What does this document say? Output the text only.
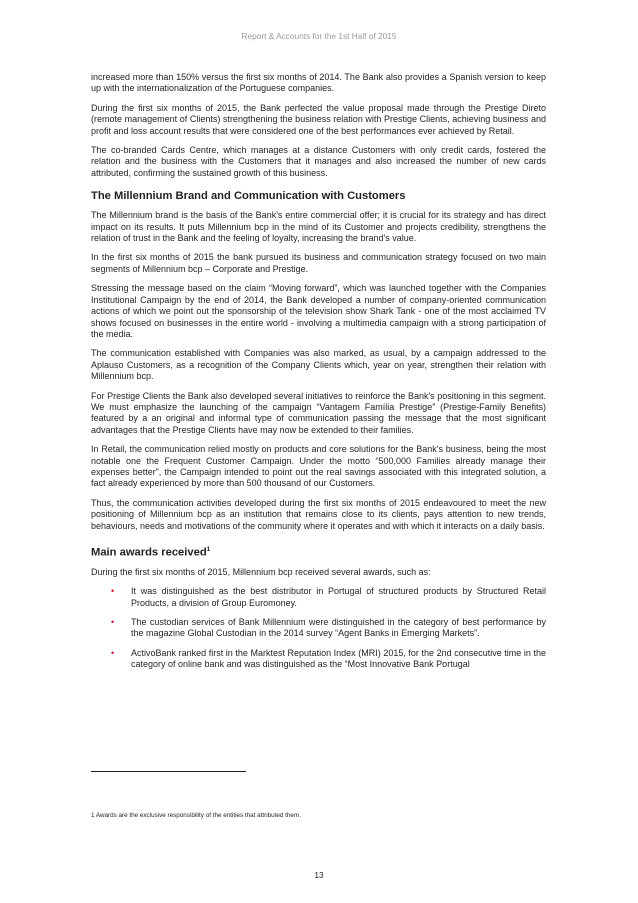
Report & Accounts for the 1st Half of 2015

increased more than 150% versus the first six months of 2014. The Bank also provides a Spanish version to keep up with the internationalization of the Portuguese companies.

During the first six months of 2015, the Bank perfected the value proposal made through the Prestige Direto (remote management of Clients) strengthening the business relation with Prestige Clients, achieving business and profit and loss account results that were considered one of the best performances ever achieved by Retail.

The co-branded Cards Centre, which manages at a distance Customers with only credit cards, fostered the relation and the business with the Customers that it manages and also increased the number of new cards attributed, confirming the sustained growth of this business.

The Millennium Brand and Communication with Customers

The Millennium brand is the basis of the Bank's entire commercial offer; it is crucial for its strategy and has direct impact on its results. It puts Millennium bcp in the mind of its Customer and projects credibility, strengthens the relation of trust in the Bank and the feeling of loyalty, increasing the brand's value.

In the first six months of 2015 the bank pursued its business and communication strategy focused on two main segments of Millennium bcp – Corporate and Prestige.

Stressing the message based on the claim “Moving forward”, which was launched together with the Companies Institutional Campaign by the end of 2014, the Bank developed a number of company-oriented communication actions of which we point out the sponsorship of the television show Shark Tank - one of the most acclaimed TV shows focused on businesses in the entire world - involving a multimedia campaign with a strong participation of the media.

The communication established with Companies was also marked, as usual, by a campaign addressed to the Aplauso Customers, as a recognition of the Company Clients which, year on year, strengthen their relation with Millennium bcp.

For Prestige Clients the Bank also developed several initiatives to reinforce the Bank's positioning in this segment. We must emphasize the launching of the campaign “Vantagem Família Prestige” (Prestige-Family Benefits) featured by a an original and informal type of communication passing the message that the most significant advantages that the Prestige Clients have may now be extended to their families.

In Retail, the communication relied mostly on products and core solutions for the Bank's business, being the most notable one the Frequent Customer Campaign. Under the motto “500,000 Families already manage their expenses better”, the Campaign intended to point out the real savings associated with this integrated solution, a fact already experienced by more than 500 thousand of our Customers.

Thus, the communication activities developed during the first six months of 2015 endeavoured to meet the new positioning of Millennium bcp as an institution that remains close to its clients, pays attention to new trends, behaviours, needs and motivations of the community where it operates and with which it interacts on a daily basis.

Main awards received$^1$

During the first six months of 2015, Millennium bcp received several awards, such as:

• It was distinguished as the best distributor in Portugal of structured products by Structured Retail Products, a division of Group Euromoney.
• The custodian services of Bank Millennium were distinguished in the category of best performance by the magazine Global Custodian in the 2014 survey “Agent Banks in Emerging Markets”.
• ActivoBank ranked first in the Marktest Reputation Index (MRI) 2015, for the 2nd consecutive time in the category of online bank and was distinguished as the “Most Innovative Bank Portugal
1 Awards are the exclusive responsibility of the entities that attributed them.
13
